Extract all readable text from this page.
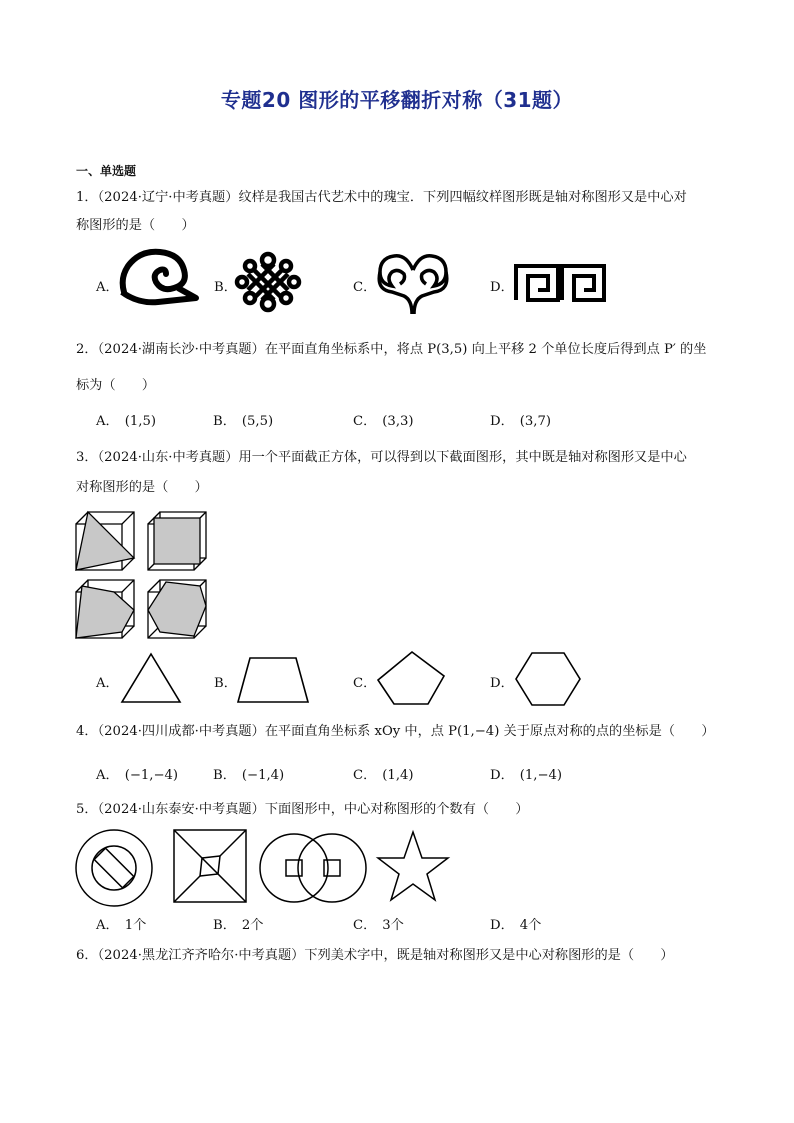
专题20 图形的平移翻折对称（31题）
一、单选题
1．（2024·辽宁·中考真题）纹样是我国古代艺术中的瑰宝．下列四幅纹样图形既是轴对称图形又是中心对
称图形的是（　　）
A．	B．	C．	D．
2．（2024·湖南长沙·中考真题）在平面直角坐标系中，将点 P(3,5) 向上平移 2 个单位长度后得到点 P′ 的坐
标为（　　）
A． (1,5)	B． (5,5)	C． (3,3)	D． (3,7)
3．（2024·山东·中考真题）用一个平面截正方体，可以得到以下截面图形，其中既是轴对称图形又是中心
对称图形的是（　　）
A．	B．	C．	D．
4．（2024·四川成都·中考真题）在平面直角坐标系 xOy 中，点 P(1,−4) 关于原点对称的点的坐标是（　　）
A． (−1,−4)	B． (−1,4)	C． (1,4)	D． (1,−4)
5．（2024·山东泰安·中考真题）下面图形中，中心对称图形的个数有（　　）
A． 1个	B． 2个	C． 3个	D． 4个
6．（2024·黑龙江齐齐哈尔·中考真题）下列美术字中，既是轴对称图形又是中心对称图形的是（　　）
